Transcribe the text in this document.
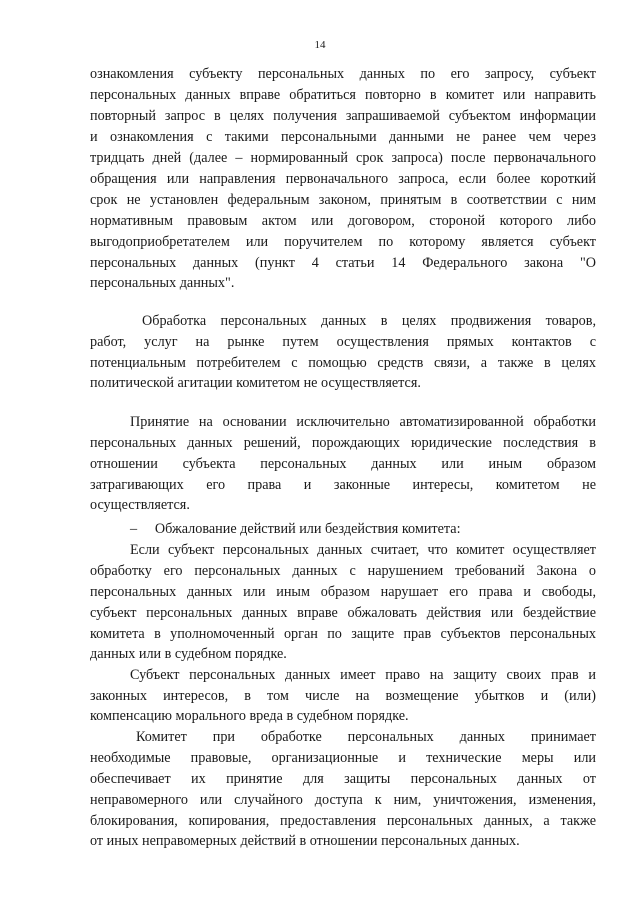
14
ознакомления субъекту персональных данных по его запросу, субъект
персональных данных вправе обратиться повторно в комитет или направить
повторный запрос в целях получения запрашиваемой субъектом информации
и ознакомления с такими персональными данными не ранее чем через
тридцать дней (далее – нормированный срок запроса) после первоначального
обращения или направления первоначального запроса, если более короткий
срок не установлен федеральным законом, принятым в соответствии с ним
нормативным правовым актом или договором, стороной которого либо
выгодоприобретателем или поручителем по которому является субъект
персональных данных (пункт 4 статьи 14 Федерального закона "О
персональных данных".
Обработка персональных данных в целях продвижения товаров,
работ, услуг на рынке путем осуществления прямых контактов с
потенциальным потребителем с помощью средств связи, а также в целях
политической агитации комитетом не осуществляется.
Принятие на основании исключительно автоматизированной обработки
персональных данных решений, порождающих юридические последствия в
отношении субъекта персональных данных или иным образом
затрагивающих его права и законные интересы, комитетом не
осуществляется.
–     Обжалование действий или бездействия комитета:
Если субъект персональных данных считает, что комитет осуществляет
обработку его персональных данных с нарушением требований Закона о
персональных данных или иным образом нарушает его права и свободы,
субъект персональных данных вправе обжаловать действия или бездействие
комитета в уполномоченный орган по защите прав субъектов персональных
данных или в судебном порядке.
Субъект персональных данных имеет право на защиту своих прав и
законных интересов, в том числе на возмещение убытков и (или)
компенсацию морального вреда в судебном порядке.
Комитет при обработке персональных данных принимает
необходимые правовые, организационные и технические меры или
обеспечивает их принятие для защиты персональных данных от
неправомерного или случайного доступа к ним, уничтожения, изменения,
блокирования, копирования, предоставления персональных данных, а также
от иных неправомерных действий в отношении персональных данных.
